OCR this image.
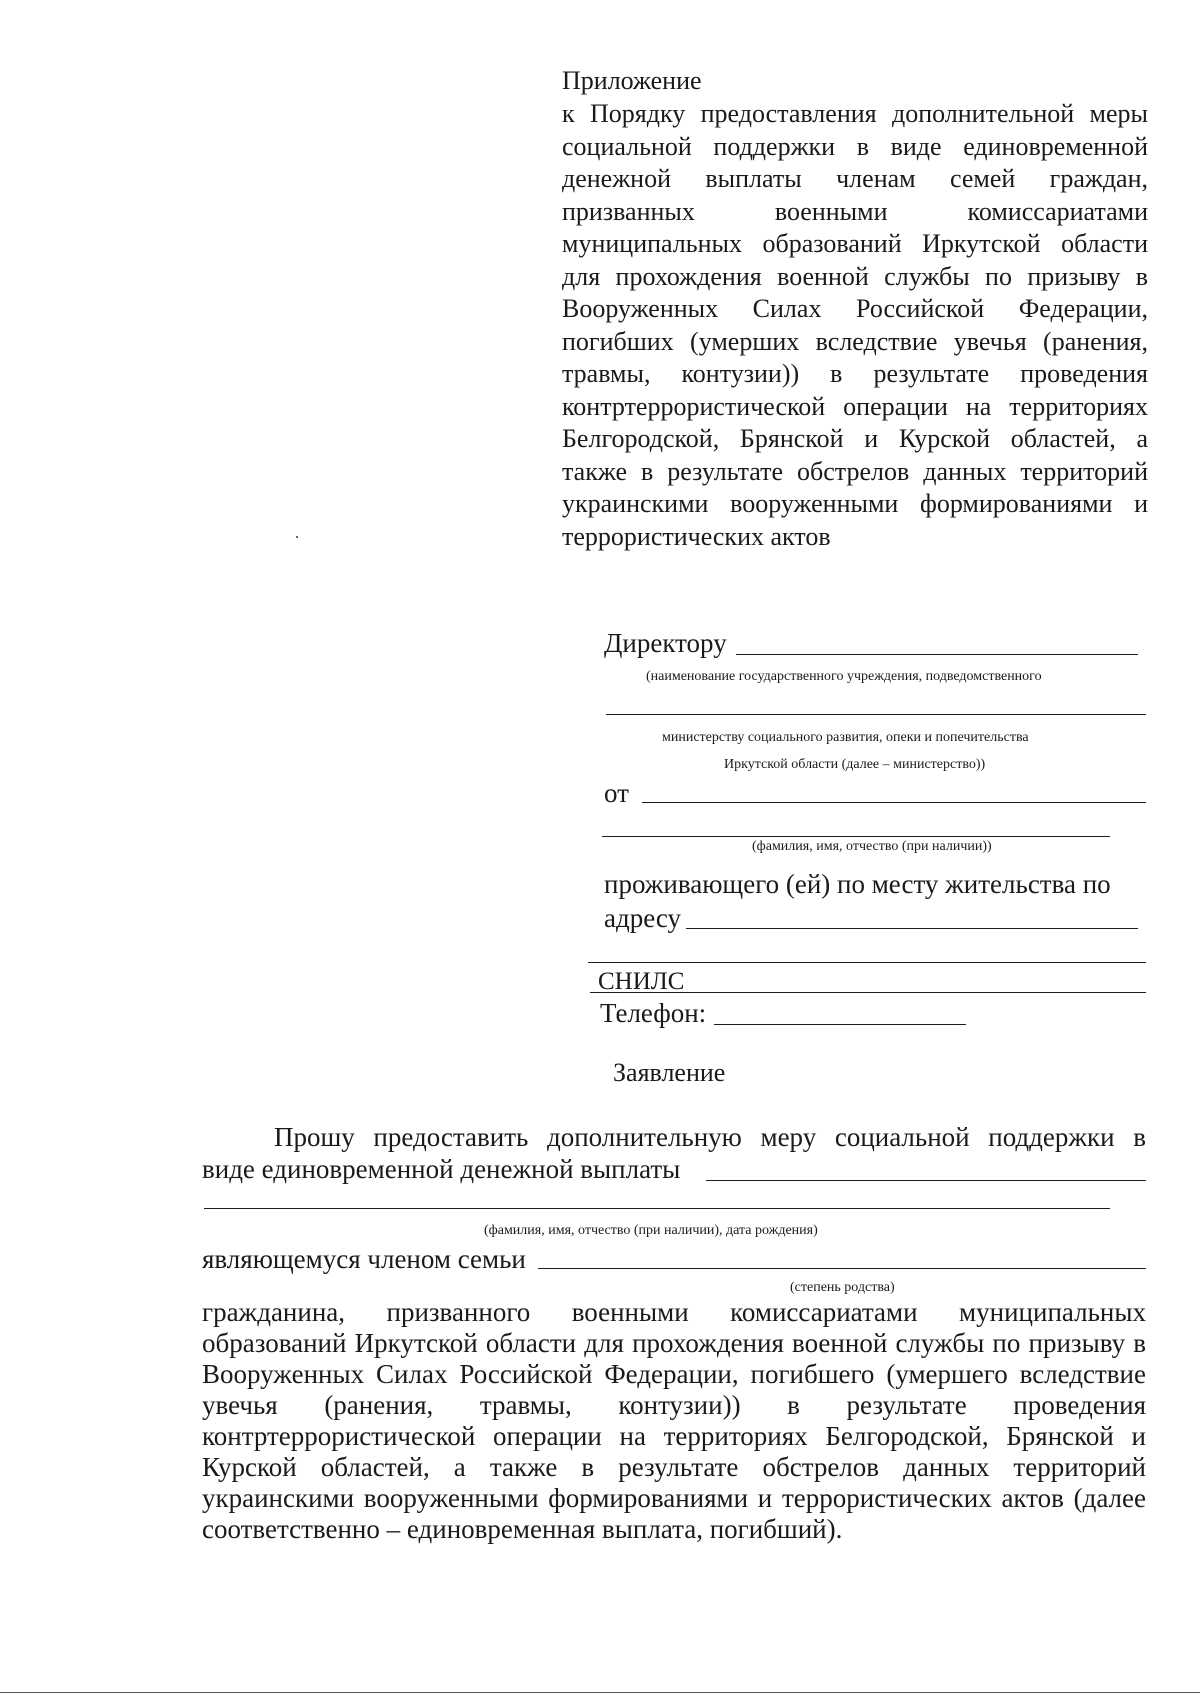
Приложение
к Порядку предоставления дополнительной меры социальной поддержки в виде единовременной денежной выплаты членам семей граждан, призванных военными комиссариатами муниципальных образований Иркутской области для прохождения военной службы по призыву в Вооруженных Силах Российской Федерации, погибших (умерших вследствие увечья (ранения, травмы, контузии)) в результате проведения контртеррористической операции на территориях Белгородской, Брянской и Курской областей, а также в результате обстрелов данных территорий украинскими вооруженными формированиями и террористических актов
Директору
(наименование государственного учреждения, подведомственного
министерству социального развития, опеки и попечительства
Иркутской области (далее – министерство))
от
(фамилия, имя, отчество (при наличии))
проживающего (ей) по месту жительства по
адресу
СНИЛС
Телефон:
Заявление
Прошу предоставить дополнительную меру социальной поддержки в
виде единовременной денежной выплаты
(фамилия, имя, отчество (при наличии), дата рождения)
являющемуся членом семьи
(степень родства)
гражданина, призванного военными комиссариатами муниципальных образований Иркутской области для прохождения военной службы по призыву в Вооруженных Силах Российской Федерации, погибшего (умершего вследствие увечья (ранения, травмы, контузии)) в результате проведения контртеррористической операции на территориях Белгородской, Брянской и Курской областей, а также в результате обстрелов данных территорий украинскими вооруженными формированиями и террористических актов (далее соответственно – единовременная выплата, погибший).
